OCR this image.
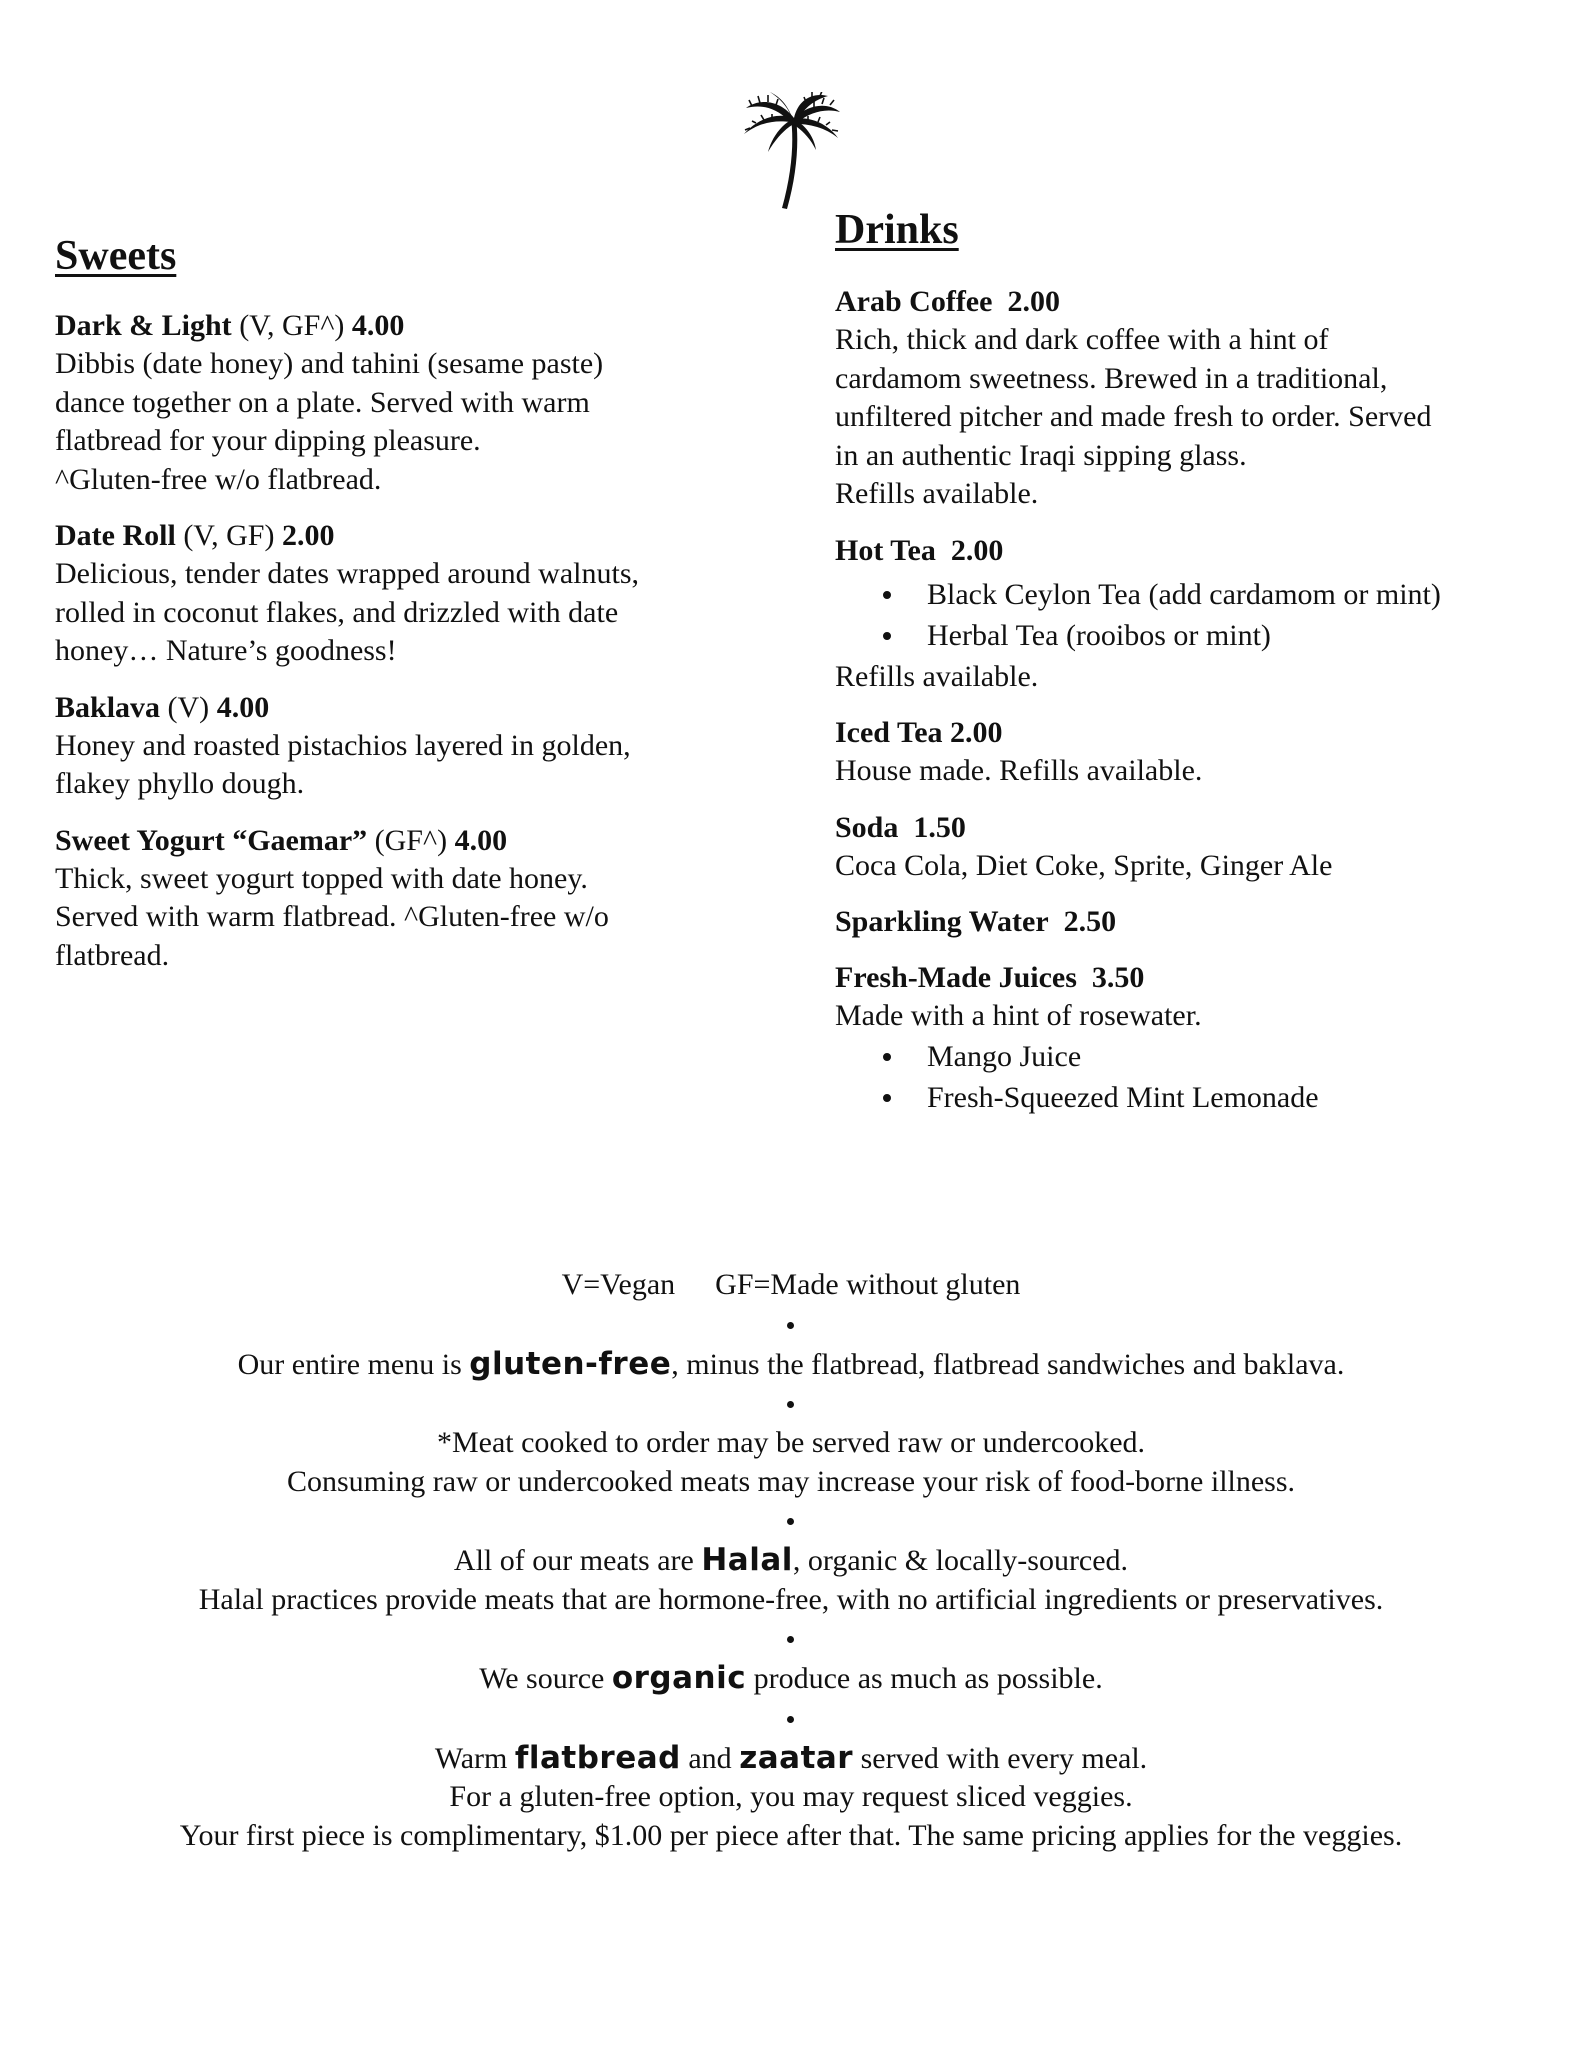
Sweets
Dark & Light (V, GF^) 4.00
Dibbis (date honey) and tahini (sesame paste)
dance together on a plate. Served with warm
flatbread for your dipping pleasure.
^Gluten-free w/o flatbread.
Date Roll (V, GF) 2.00
Delicious, tender dates wrapped around walnuts,
rolled in coconut flakes, and drizzled with date
honey… Nature’s goodness!
Baklava (V) 4.00
Honey and roasted pistachios layered in golden,
flakey phyllo dough.
Sweet Yogurt “Gaemar” (GF^) 4.00
Thick, sweet yogurt topped with date honey.
Served with warm flatbread. ^Gluten-free w/o
flatbread.
Drinks
Arab Coffee 2.00
Rich, thick and dark coffee with a hint of
cardamom sweetness. Brewed in a traditional,
unfiltered pitcher and made fresh to order. Served
in an authentic Iraqi sipping glass.
Refills available.
Hot Tea 2.00
Black Ceylon Tea (add cardamom or mint)
Herbal Tea (rooibos or mint)
Refills available.
Iced Tea 2.00
House made. Refills available.
Soda 1.50
Coca Cola, Diet Coke, Sprite, Ginger Ale
Sparkling Water 2.50
Fresh-Made Juices 3.50
Made with a hint of rosewater.
Mango Juice
Fresh-Squeezed Mint Lemonade
V=Vegan GF=Made without gluten
Our entire menu is gluten-free, minus the flatbread, flatbread sandwiches and baklava.
*Meat cooked to order may be served raw or undercooked.
Consuming raw or undercooked meats may increase your risk of food-borne illness.
All of our meats are Halal, organic & locally-sourced.
Halal practices provide meats that are hormone-free, with no artificial ingredients or preservatives.
We source organic produce as much as possible.
Warm flatbread and zaatar served with every meal.
For a gluten-free option, you may request sliced veggies.
Your first piece is complimentary, $1.00 per piece after that. The same pricing applies for the veggies.
